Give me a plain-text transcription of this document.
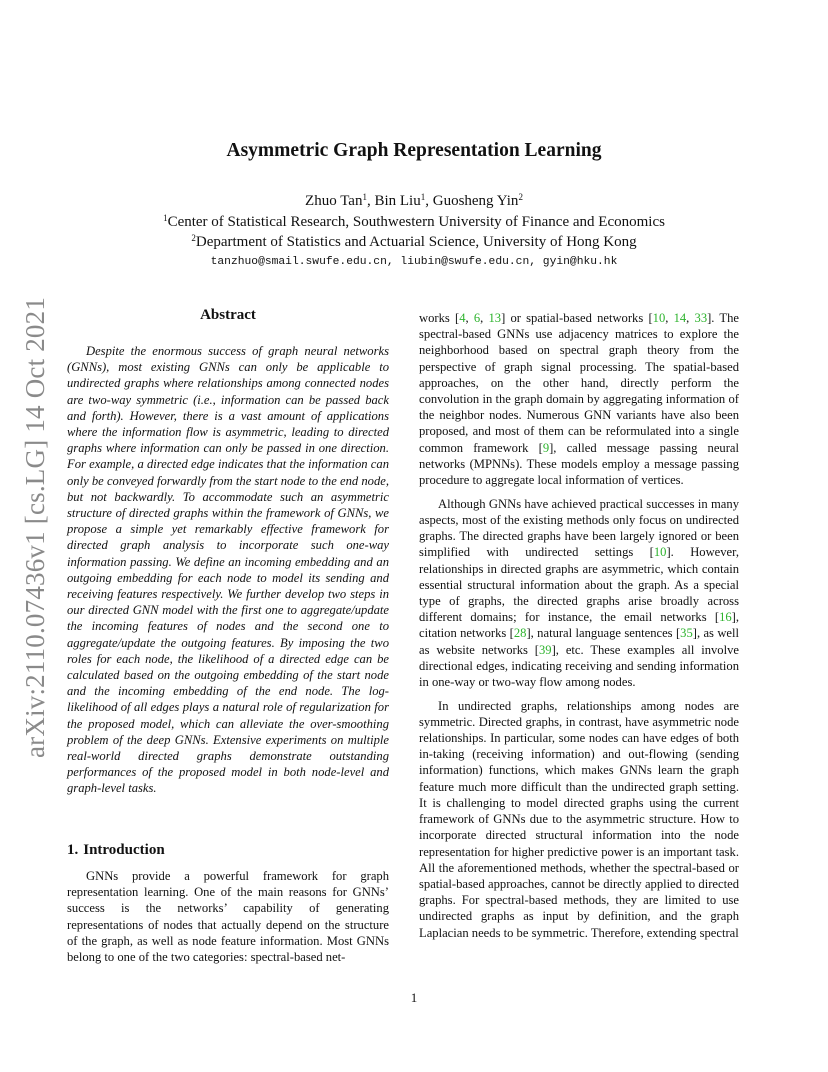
arXiv:2110.07436v1 [cs.LG] 14 Oct 2021
Asymmetric Graph Representation Learning
Zhuo Tan$^1$, Bin Liu$^1$, Guosheng Yin$^2$
$^1$Center of Statistical Research, Southwestern University of Finance and Economics
$^2$Department of Statistics and Actuarial Science, University of Hong Kong
tanzhuo@smail.swufe.edu.cn, liubin@swufe.edu.cn, gyin@hku.hk
Abstract

Despite the enormous success of graph neural networks (GNNs), most existing GNNs can only be applicable to undirected graphs where relationships among connected nodes are two-way symmetric (i.e., information can be passed back and forth). However, there is a vast amount of applications where the information flow is asymmetric, leading to directed graphs where information can only be passed in one direction. For example, a directed edge indicates that the information can only be conveyed forwardly from the start node to the end node, but not backwardly. To accommodate such an asymmetric structure of directed graphs within the framework of GNNs, we propose a simple yet remarkably effective framework for directed graph analysis to incorporate such one-way information passing. We define an incoming embedding and an outgoing embedding for each node to model its sending and receiving features respectively. We further develop two steps in our directed GNN model with the first one to aggregate/update the incoming features of nodes and the second one to aggregate/update the outgoing features. By imposing the two roles for each node, the likelihood of a directed edge can be calculated based on the outgoing embedding of the start node and the incoming embedding of the end node. The log-likelihood of all edges plays a natural role of regularization for the proposed model, which can alleviate the over-smoothing problem of the deep GNNs. Extensive experiments on multiple real-world directed graphs demonstrate outstanding performances of the proposed model in both node-level and graph-level tasks.

1. Introduction

GNNs provide a powerful framework for graph representation learning. One of the main reasons for GNNs’ success is the networks’ capability of generating representations of nodes that actually depend on the structure of the graph, as well as node feature information. Most GNNs belong to one of the two categories: spectral-based net-

works [4, 6, 13] or spatial-based networks [10, 14, 33]. The spectral-based GNNs use adjacency matrices to explore the neighborhood based on spectral graph theory from the perspective of graph signal processing. The spatial-based approaches, on the other hand, directly perform the convolution in the graph domain by aggregating information of the neighbor nodes. Numerous GNN variants have also been proposed, and most of them can be reformulated into a single common framework [9], called message passing neural networks (MPNNs). These models employ a message passing procedure to aggregate local information of vertices.

Although GNNs have achieved practical successes in many aspects, most of the existing methods only focus on undirected graphs. The directed graphs have been largely ignored or been simplified with undirected settings [10]. However, relationships in directed graphs are asymmetric, which contain essential structural information about the graph. As a special type of graphs, the directed graphs arise broadly across different domains; for instance, the email networks [16], citation networks [28], natural language sentences [35], as well as website networks [39], etc. These examples all involve directional edges, indicating receiving and sending information in one-way or two-way flow among nodes.

In undirected graphs, relationships among nodes are symmetric. Directed graphs, in contrast, have asymmetric node relationships. In particular, some nodes can have edges of both in-taking (receiving information) and out-flowing (sending information) functions, which makes GNNs learn the graph feature much more difficult than the undirected graph setting. It is challenging to model directed graphs using the current framework of GNNs due to the asymmetric structure. How to incorporate directed structural information into the node representation for higher predictive power is an important task. All the aforementioned methods, whether the spectral-based or spatial-based approaches, cannot be directly applied to directed graphs. For spectral-based methods, they are limited to use undirected graphs as input by definition, and the graph Laplacian needs to be symmetric. Therefore, extending spectral

1
